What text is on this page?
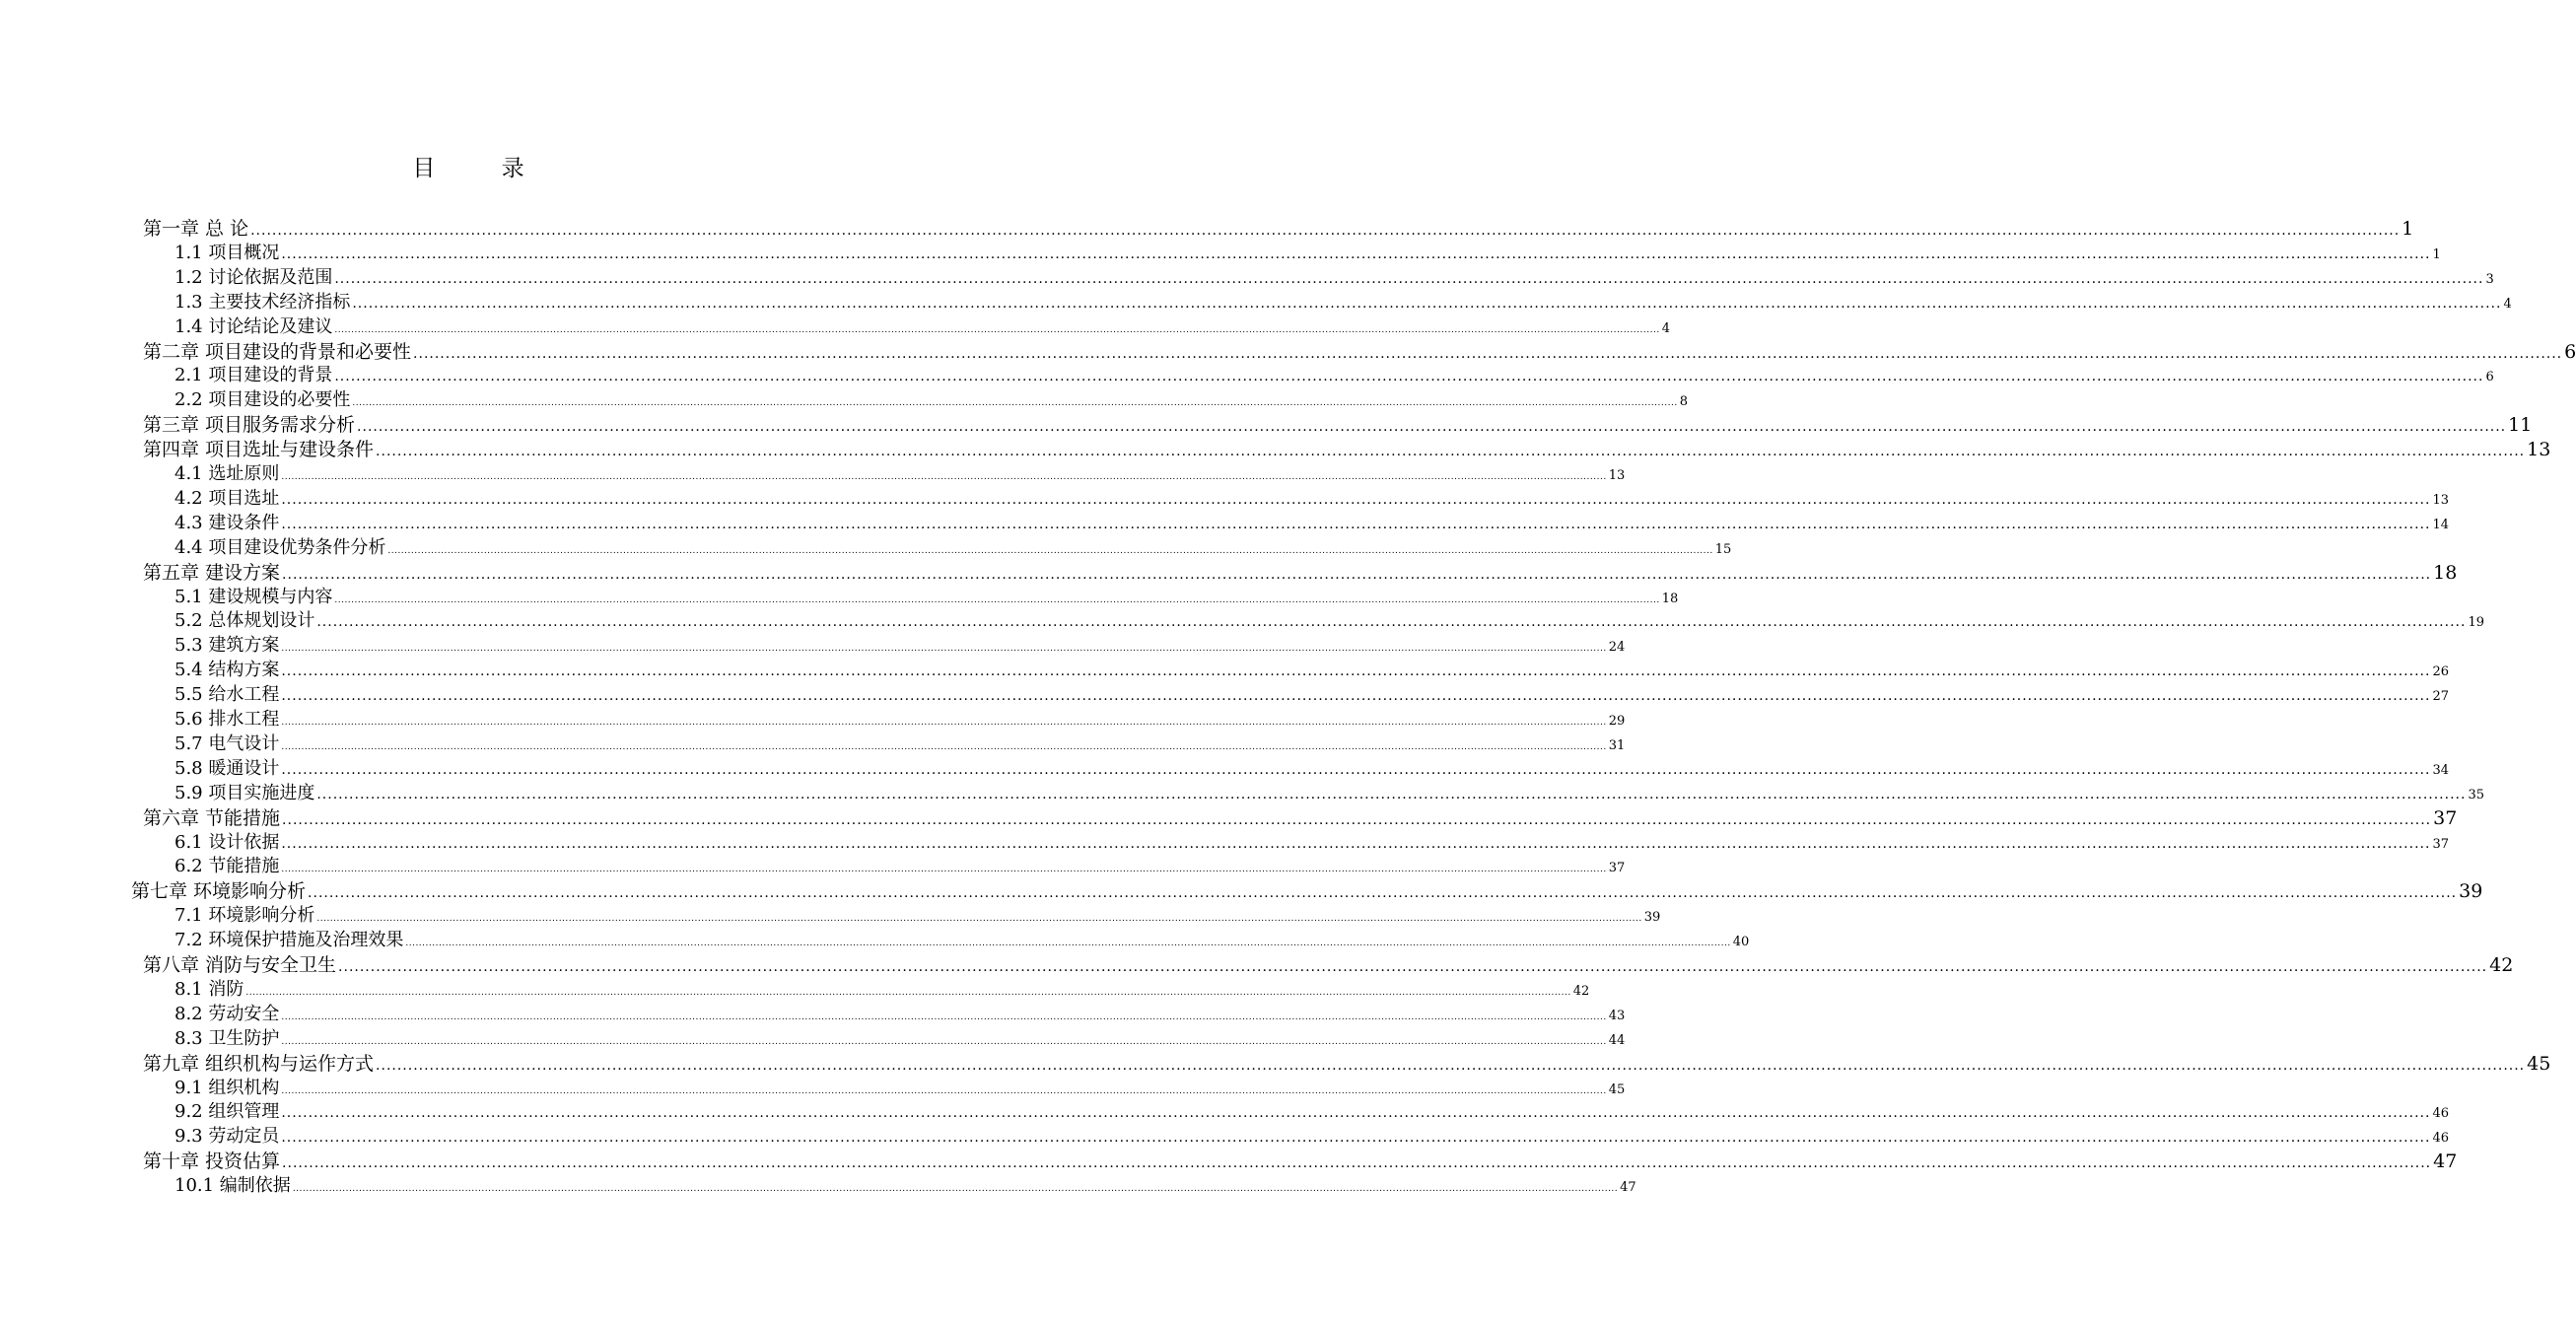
目 录
第一章 总 论 ................................................................................................................................................................................................................................................................................................................................................................................................................ 1
1.1 项目概况 ................................................................................................................................................................................................................................................................................................................................................................................................................ 1
1.2 讨论依据及范围 ................................................................................................................................................................................................................................................................................................................................................................................................................ 3
1.3 主要技术经济指标 ................................................................................................................................................................................................................................................................................................................................................................................................................ 4
1.4 讨论结论及建议 ................................................................................................................................................................................................................................................................................................................................................................................................................ 4
第二章 项目建设的背景和必要性 ................................................................................................................................................................................................................................................................................................................................................................................................................ 6
2.1 项目建设的背景 ................................................................................................................................................................................................................................................................................................................................................................................................................ 6
2.2 项目建设的必要性 ................................................................................................................................................................................................................................................................................................................................................................................................................ 8
第三章 项目服务需求分析 ................................................................................................................................................................................................................................................................................................................................................................................................................ 11
第四章 项目选址与建设条件 ................................................................................................................................................................................................................................................................................................................................................................................................................ 13
4.1 选址原则 ................................................................................................................................................................................................................................................................................................................................................................................................................ 13
4.2 项目选址 ................................................................................................................................................................................................................................................................................................................................................................................................................ 13
4.3 建设条件 ................................................................................................................................................................................................................................................................................................................................................................................................................ 14
4.4 项目建设优势条件分析 ................................................................................................................................................................................................................................................................................................................................................................................................................ 15
第五章 建设方案 ................................................................................................................................................................................................................................................................................................................................................................................................................ 18
5.1 建设规模与内容 ................................................................................................................................................................................................................................................................................................................................................................................................................ 18
5.2 总体规划设计 ................................................................................................................................................................................................................................................................................................................................................................................................................ 19
5.3 建筑方案 ................................................................................................................................................................................................................................................................................................................................................................................................................ 24
5.4 结构方案 ................................................................................................................................................................................................................................................................................................................................................................................................................ 26
5.5 给水工程 ................................................................................................................................................................................................................................................................................................................................................................................................................ 27
5.6 排水工程 ................................................................................................................................................................................................................................................................................................................................................................................................................ 29
5.7 电气设计 ................................................................................................................................................................................................................................................................................................................................................................................................................ 31
5.8 暖通设计 ................................................................................................................................................................................................................................................................................................................................................................................................................ 34
5.9 项目实施进度 ................................................................................................................................................................................................................................................................................................................................................................................................................ 35
第六章 节能措施 ................................................................................................................................................................................................................................................................................................................................................................................................................ 37
6.1 设计依据 ................................................................................................................................................................................................................................................................................................................................................................................................................ 37
6.2 节能措施 ................................................................................................................................................................................................................................................................................................................................................................................................................ 37
第七章 环境影响分析 ................................................................................................................................................................................................................................................................................................................................................................................................................ 39
7.1 环境影响分析 ................................................................................................................................................................................................................................................................................................................................................................................................................ 39
7.2 环境保护措施及治理效果 ................................................................................................................................................................................................................................................................................................................................................................................................................ 40
第八章 消防与安全卫生 ................................................................................................................................................................................................................................................................................................................................................................................................................ 42
8.1 消防 ................................................................................................................................................................................................................................................................................................................................................................................................................ 42
8.2 劳动安全 ................................................................................................................................................................................................................................................................................................................................................................................................................ 43
8.3 卫生防护 ................................................................................................................................................................................................................................................................................................................................................................................................................ 44
第九章 组织机构与运作方式 ................................................................................................................................................................................................................................................................................................................................................................................................................ 45
9.1 组织机构 ................................................................................................................................................................................................................................................................................................................................................................................................................ 45
9.2 组织管理 ................................................................................................................................................................................................................................................................................................................................................................................................................ 46
9.3 劳动定员 ................................................................................................................................................................................................................................................................................................................................................................................................................ 46
第十章 投资估算 ................................................................................................................................................................................................................................................................................................................................................................................................................ 47
10.1 编制依据 ................................................................................................................................................................................................................................................................................................................................................................................................................ 47
